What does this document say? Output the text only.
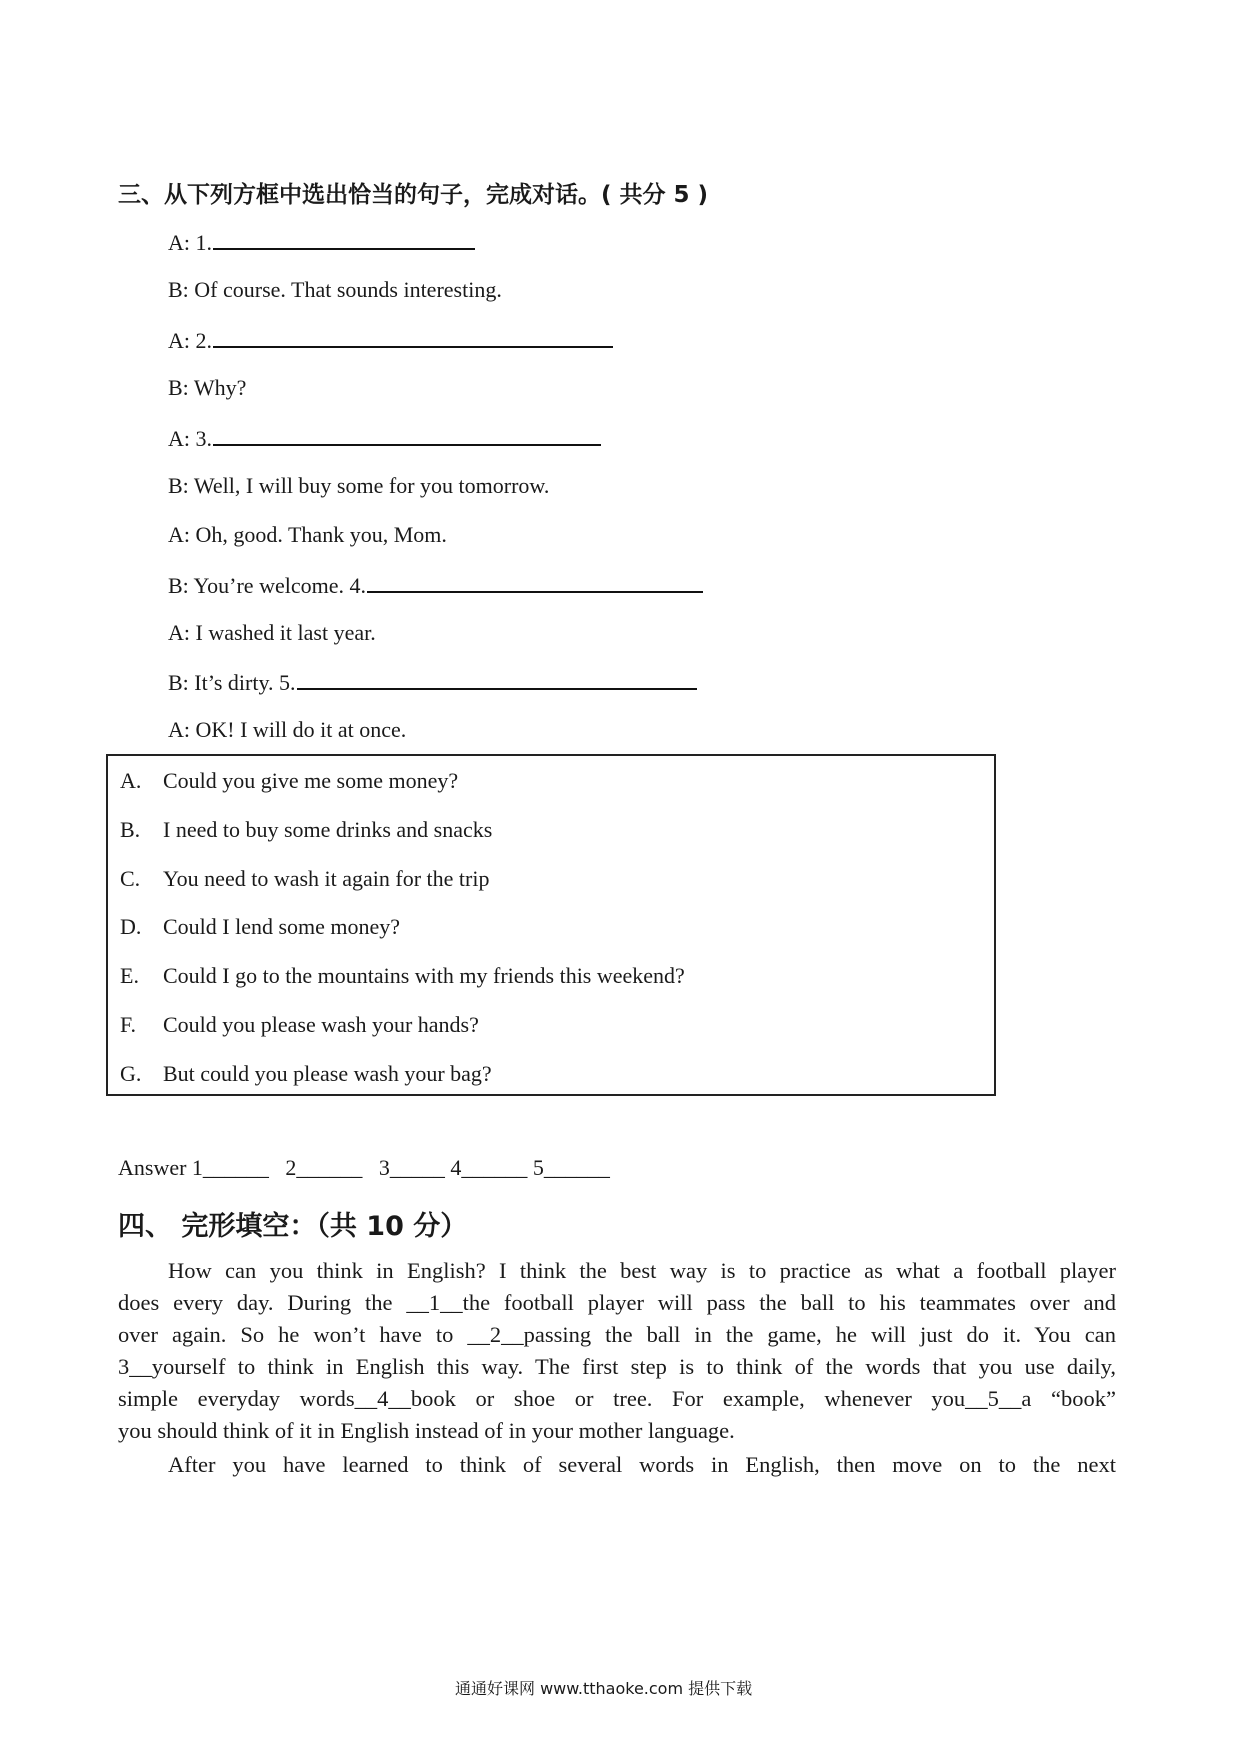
三、从下列方框中选出恰当的句子，完成对话。( 共分 5 )
A: 1.
B: Of course. That sounds interesting.
A: 2.
B: Why?
A: 3.
B: Well, I will buy some for you tomorrow.
A: Oh, good. Thank you, Mom.
B: You’re welcome. 4.
A: I washed it last year.
B: It’s dirty. 5.
A: OK! I will do it at once.
A. Could you give me some money?
B. I need to buy some drinks and snacks
C. You need to wash it again for the trip
D. Could I lend some money?
E. Could I go to the mountains with my friends this weekend?
F. Could you please wash your hands?
G. But could you please wash your bag?
Answer 1______   2______   3_____ 4______ 5______
四、 完形填空：（共 10 分）
How can you think in English? I think the best way is to practice as what a football player
does every day. During the __1__the football player will pass the ball to his teammates over and
over again. So he won’t have to __2__passing the ball in the game, he will just do it. You can
3__yourself to think in English this way. The first step is to think of the words that you use daily,
simple everyday words__4__book or shoe or tree. For example, whenever you__5__a “book”
you should think of it in English instead of in your mother language.
After you have learned to think of several words in English, then move on to the next
通通好课网 www.tthaoke.com 提供下载
